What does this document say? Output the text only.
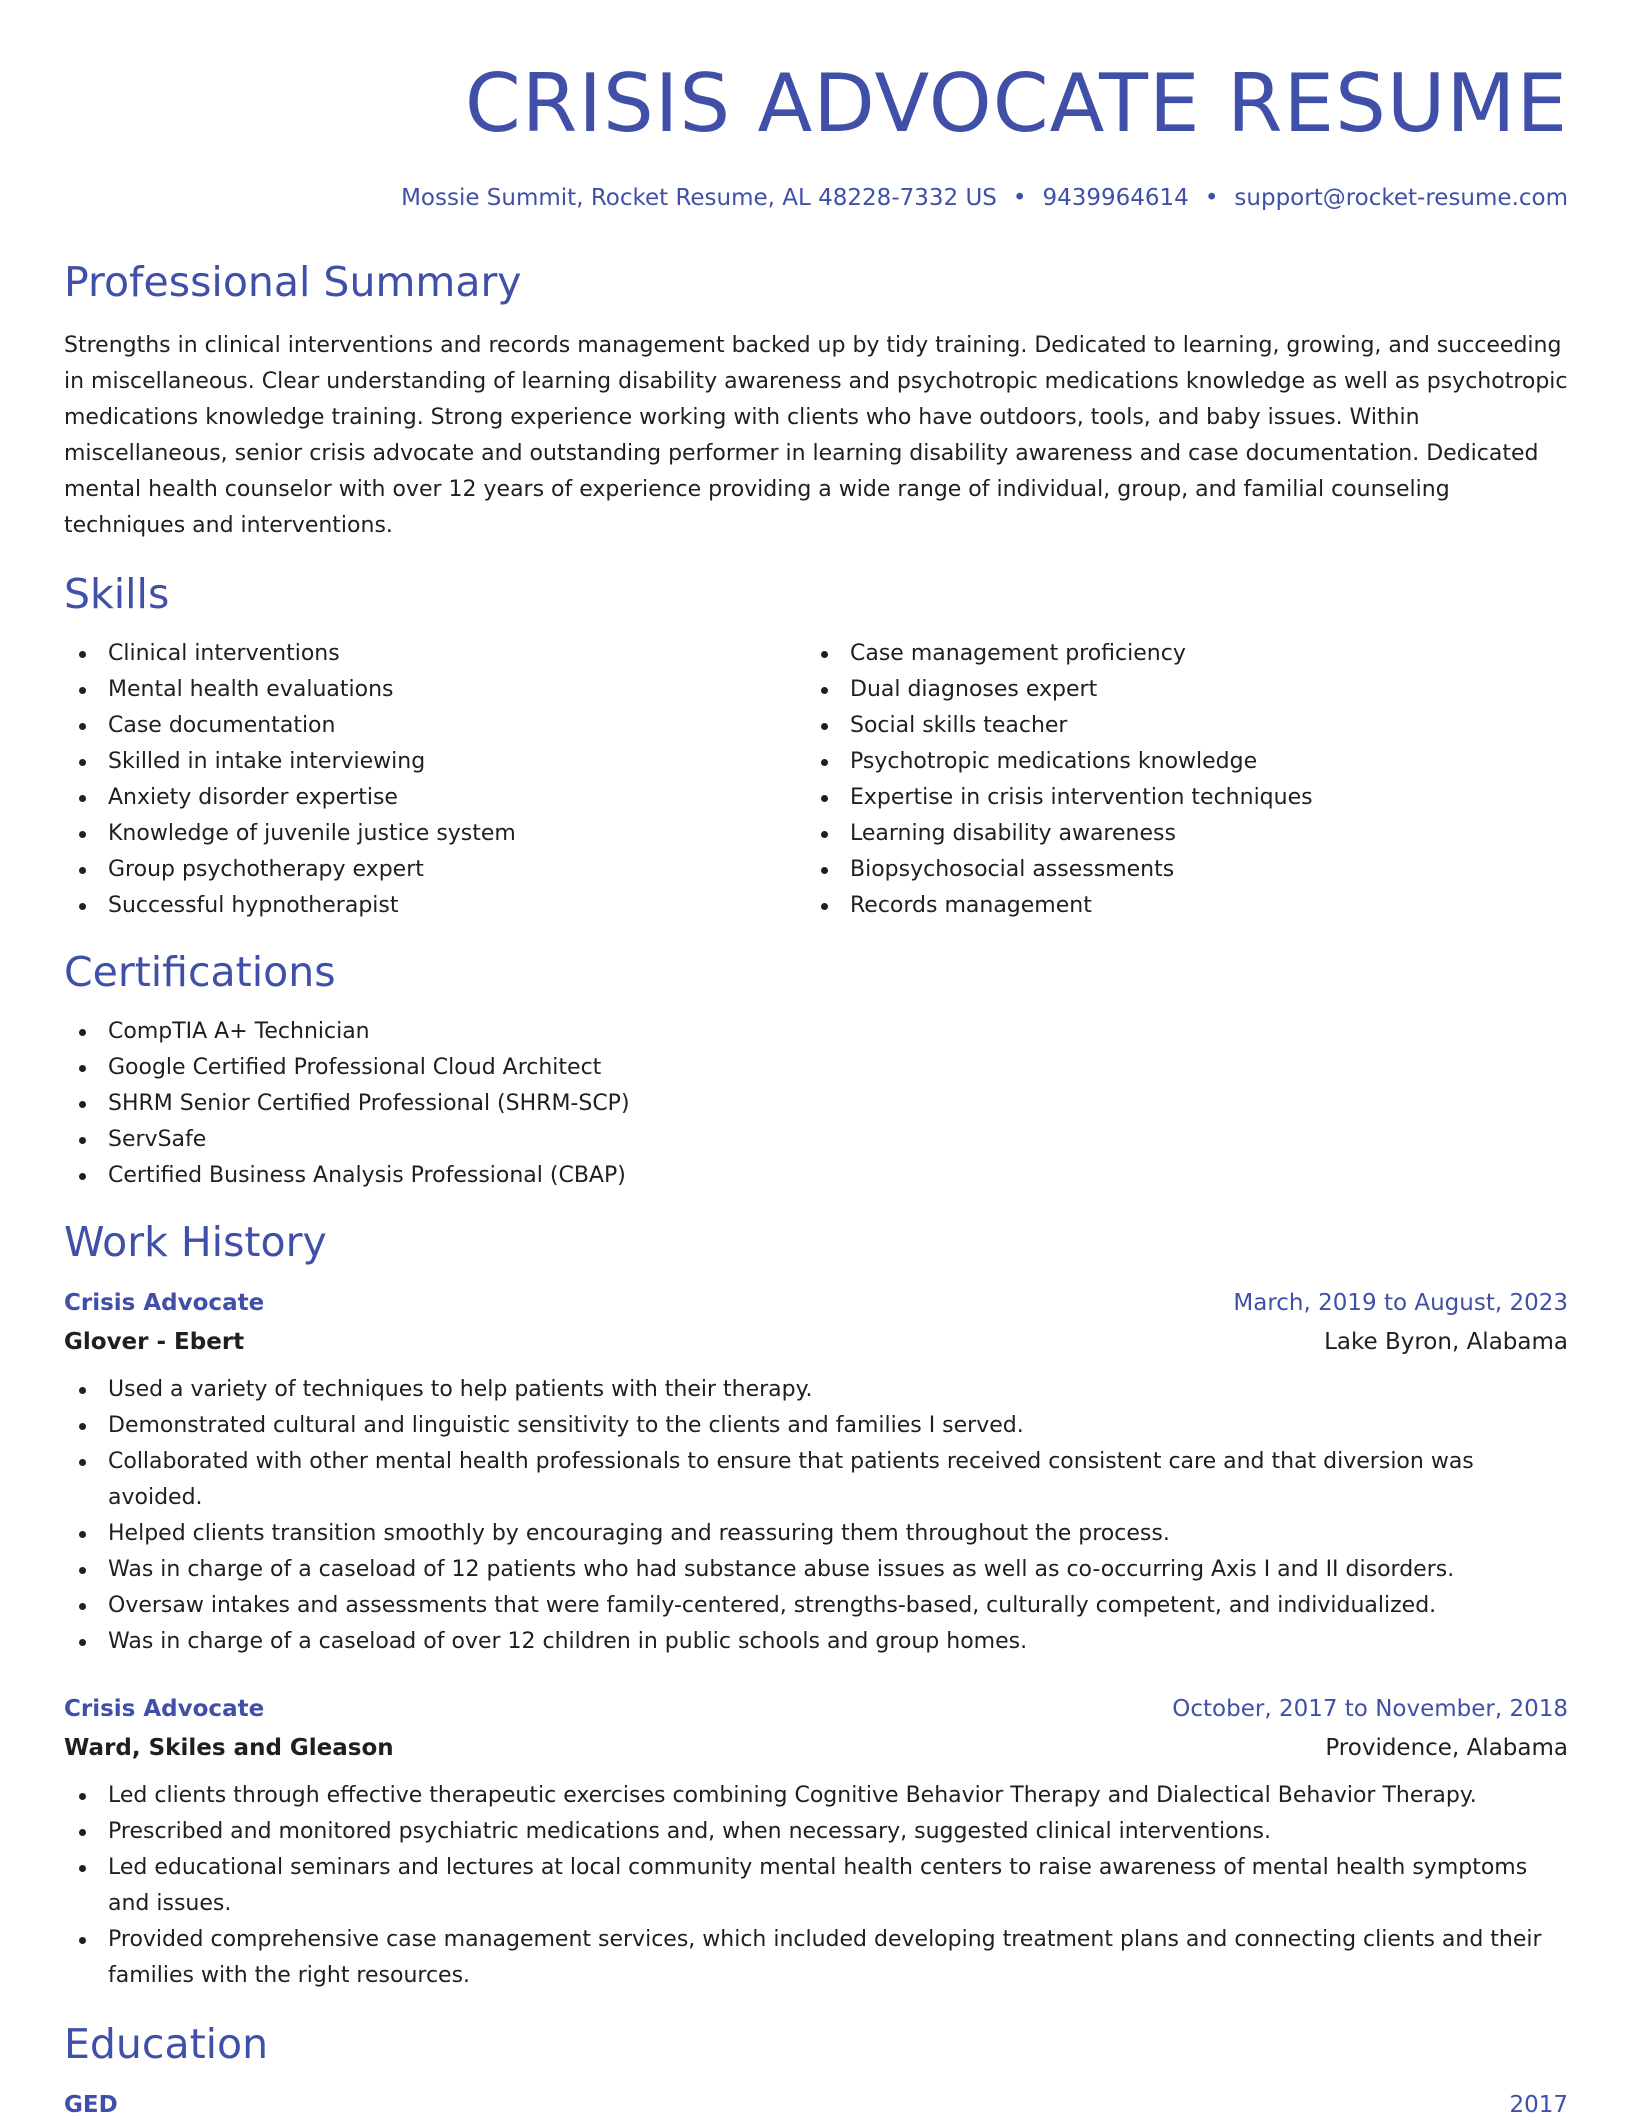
CRISIS ADVOCATE RESUME
Mossie Summit, Rocket Resume, AL 48228-7332 US • 9439964614 • support@rocket-resume.com
Professional Summary
Strengths in clinical interventions and records management backed up by tidy training. Dedicated to learning, growing, and succeeding in miscellaneous. Clear understanding of learning disability awareness and psychotropic medications knowledge as well as psychotropic medications knowledge training. Strong experience working with clients who have outdoors, tools, and baby issues. Within miscellaneous, senior crisis advocate and outstanding performer in learning disability awareness and case documentation. Dedicated mental health counselor with over 12 years of experience providing a wide range of individual, group, and familial counseling techniques and interventions.
Skills
Clinical interventions
Mental health evaluations
Case documentation
Skilled in intake interviewing
Anxiety disorder expertise
Knowledge of juvenile justice system
Group psychotherapy expert
Successful hypnotherapist
Case management proficiency
Dual diagnoses expert
Social skills teacher
Psychotropic medications knowledge
Expertise in crisis intervention techniques
Learning disability awareness
Biopsychosocial assessments
Records management
Certifications
CompTIA A+ Technician
Google Certified Professional Cloud Architect
SHRM Senior Certified Professional (SHRM-SCP)
ServSafe
Certified Business Analysis Professional (CBAP)
Work History
Crisis Advocate	March, 2019 to August, 2023
Glover - Ebert	Lake Byron, Alabama
Used a variety of techniques to help patients with their therapy.
Demonstrated cultural and linguistic sensitivity to the clients and families I served.
Collaborated with other mental health professionals to ensure that patients received consistent care and that diversion was avoided.
Helped clients transition smoothly by encouraging and reassuring them throughout the process.
Was in charge of a caseload of 12 patients who had substance abuse issues as well as co-occurring Axis I and II disorders.
Oversaw intakes and assessments that were family-centered, strengths-based, culturally competent, and individualized.
Was in charge of a caseload of over 12 children in public schools and group homes.
Crisis Advocate	October, 2017 to November, 2018
Ward, Skiles and Gleason	Providence, Alabama
Led clients through effective therapeutic exercises combining Cognitive Behavior Therapy and Dialectical Behavior Therapy.
Prescribed and monitored psychiatric medications and, when necessary, suggested clinical interventions.
Led educational seminars and lectures at local community mental health centers to raise awareness of mental health symptoms and issues.
Provided comprehensive case management services, which included developing treatment plans and connecting clients and their families with the right resources.
Education
GED	2017
